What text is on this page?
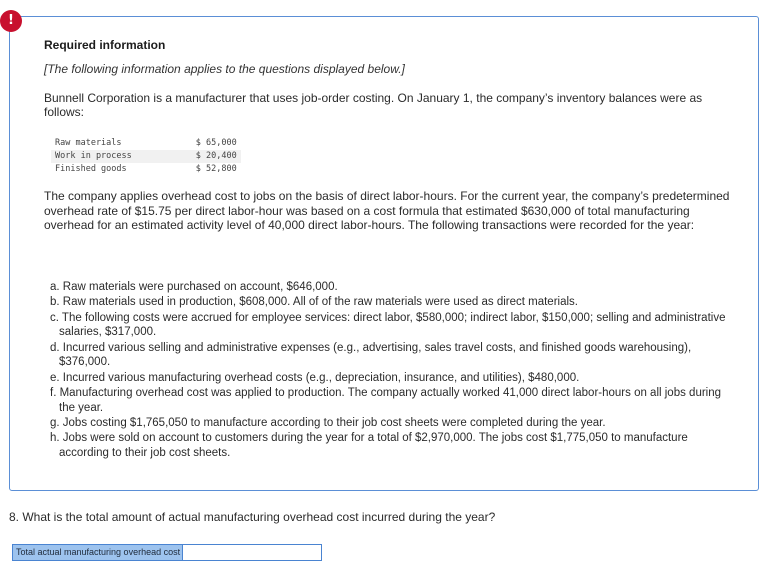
!
Required information
[The following information applies to the questions displayed below.]
Bunnell Corporation is a manufacturer that uses job-order costing. On January 1, the company’s inventory balances were as follows:
Raw materials	$ 65,000
Work in process	$ 20,400
Finished goods	$ 52,800
The company applies overhead cost to jobs on the basis of direct labor-hours. For the current year, the company’s predetermined overhead rate of $15.75 per direct labor-hour was based on a cost formula that estimated $630,000 of total manufacturing overhead for an estimated activity level of 40,000 direct labor-hours. The following transactions were recorded for the year:
a. Raw materials were purchased on account, $646,000.
b. Raw materials used in production, $608,000. All of of the raw materials were used as direct materials.
c. The following costs were accrued for employee services: direct labor, $580,000; indirect labor, $150,000; selling and administrative salaries, $317,000.
d. Incurred various selling and administrative expenses (e.g., advertising, sales travel costs, and finished goods warehousing), $376,000.
e. Incurred various manufacturing overhead costs (e.g., depreciation, insurance, and utilities), $480,000.
f. Manufacturing overhead cost was applied to production. The company actually worked 41,000 direct labor-hours on all jobs during the year.
g. Jobs costing $1,765,050 to manufacture according to their job cost sheets were completed during the year.
h. Jobs were sold on account to customers during the year for a total of $2,970,000. The jobs cost $1,775,050 to manufacture according to their job cost sheets.
8. What is the total amount of actual manufacturing overhead cost incurred during the year?
Total actual manufacturing overhead cost
